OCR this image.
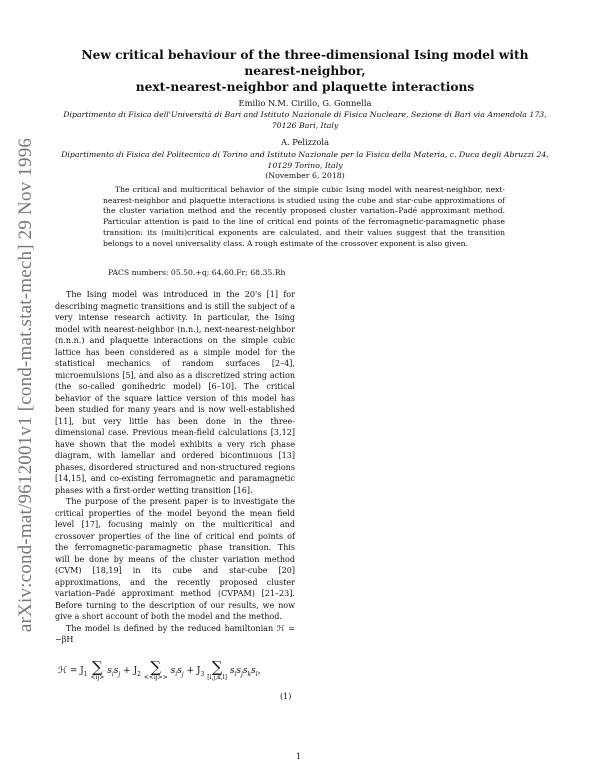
arXiv:cond-mat/9612001v1 [cond-mat.stat-mech] 29 Nov 1996
New critical behaviour of the three-dimensional Ising model with nearest-neighbor,
next-nearest-neighbor and plaquette interactions
Emilio N.M. Cirillo, G. Gonnella
Dipartimento di Fisica dell'Università di Bari and Istituto Nazionale di Fisica Nucleare, Sezione di Bari via Amendola 173,
70126 Bari, Italy
A. Pelizzola
Dipartimento di Fisica del Politecnico di Torino and Istituto Nazionale per la Fisica della Materia, c. Duca degli Abruzzi 24,
10129 Torino, Italy
(November 6, 2018)
The critical and multicritical behavior of the simple cubic Ising model with nearest-neighbor, next-nearest-neighbor and plaquette interactions is studied using the cube and star-cube approximations of the cluster variation method and the recently proposed cluster variation–Padé approximant method. Particular attention is paid to the line of critical end points of the ferromagnetic-paramagnetic phase transition: its (multi)critical exponents are calculated, and their values suggest that the transition belongs to a novel universality class. A rough estimate of the crossover exponent is also given.
PACS numbers: 05.50.+q; 64.60.Fr; 68.35.Rh

The Ising model was introduced in the 20's [1] for describing magnetic transitions and is still the subject of a very intense research activity. In particular, the Ising model with nearest-neighbor (n.n.), next-nearest-neighbor (n.n.n.) and plaquette interactions on the simple cubic lattice has been considered as a simple model for the statistical mechanics of random surfaces [2–4], microemulsions [5], and also as a discretized string action (the so-called gonihedric model) [6–10]. The critical behavior of the square lattice version of this model has been studied for many years and is now well-established [11], but very little has been done in the three-dimensional case. Previous mean-field calculations [3,12] have shown that the model exhibits a very rich phase diagram, with lamellar and ordered bicontinuous [13] phases, disordered structured and non-structured regions [14,15], and co-existing ferromagnetic and paramagnetic phases with a first-order wetting transition [16].

The purpose of the present paper is to investigate the critical properties of the model beyond the mean field level [17], focusing mainly on the multicritical and crossover properties of the line of critical end points of the ferromagnetic-paramagnetic phase transition. This will be done by means of the cluster variation method (CVM) [18,19] in its cube and star-cube [20] approximations, and the recently proposed cluster variation–Padé approximant method (CVPAM) [21–23]. Before turning to the description of our results, we now give a short account of both the model and the method.

The model is defined by the reduced hamiltonian ℋ = −βH

ℋ = $J_1$ ∑
<ij>
$s_is_j + J_2$ ∑
<<ij>>
$s_is_j + J_3$ ∑
[i,j,k,l]
$s_is_js_ks_l$,
(1)
1
